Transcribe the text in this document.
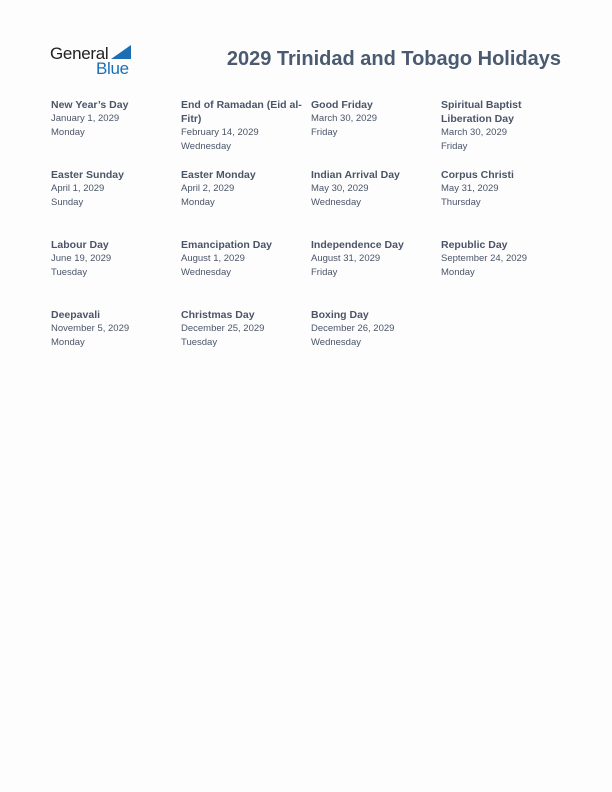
General
Blue	2029 Trinidad and Tobago Holidays
New Year’s Day
January 1, 2029
Monday
End of Ramadan (Eid al-Fitr)
February 14, 2029
Wednesday
Good Friday
March 30, 2029
Friday
Spiritual Baptist Liberation Day
March 30, 2029
Friday
Easter Sunday
April 1, 2029
Sunday
Easter Monday
April 2, 2029
Monday
Indian Arrival Day
May 30, 2029
Wednesday
Corpus Christi
May 31, 2029
Thursday
Labour Day
June 19, 2029
Tuesday
Emancipation Day
August 1, 2029
Wednesday
Independence Day
August 31, 2029
Friday
Republic Day
September 24, 2029
Monday
Deepavali
November 5, 2029
Monday
Christmas Day
December 25, 2029
Tuesday
Boxing Day
December 26, 2029
Wednesday
